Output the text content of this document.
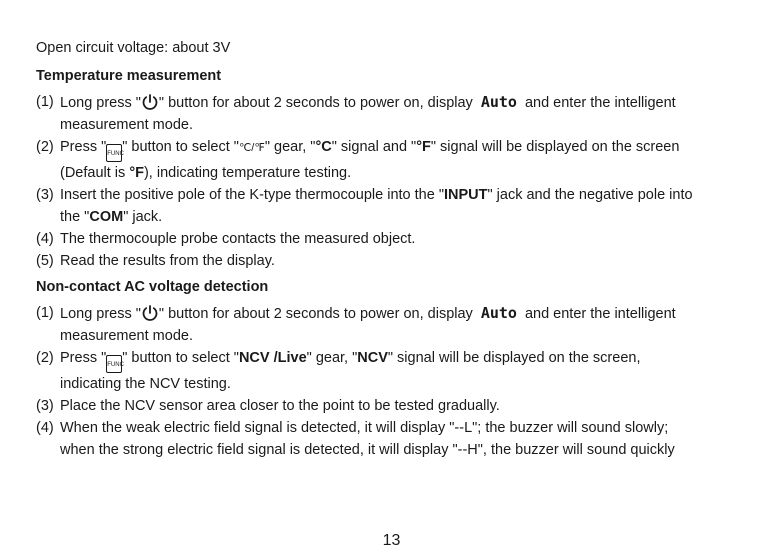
Open circuit voltage: about 3V
Temperature measurement
(1) Long press " " button for about 2 seconds to power on, display Auto and enter the intelligent
measurement mode.
(2) Press "FUNC" button to select "℃/℉" gear, "°C" signal and "°F" signal will be displayed on the screen
(Default is °F), indicating temperature testing.
(3) Insert the positive pole of the K-type thermocouple into the "INPUT" jack and the negative pole into
the "COM" jack.
(4) The thermocouple probe contacts the measured object.
(5) Read the results from the display.
Non-contact AC voltage detection
(1) Long press " " button for about 2 seconds to power on, display Auto and enter the intelligent
measurement mode.
(2) Press "FUNC" button to select "NCV /Live" gear, "NCV" signal will be displayed on the screen,
indicating the NCV testing.
(3) Place the NCV sensor area closer to the point to be tested gradually.
(4) When the weak electric field signal is detected, it will display "--L"; the buzzer will sound slowly;
when the strong electric field signal is detected, it will display "--H", the buzzer will sound quickly
13
